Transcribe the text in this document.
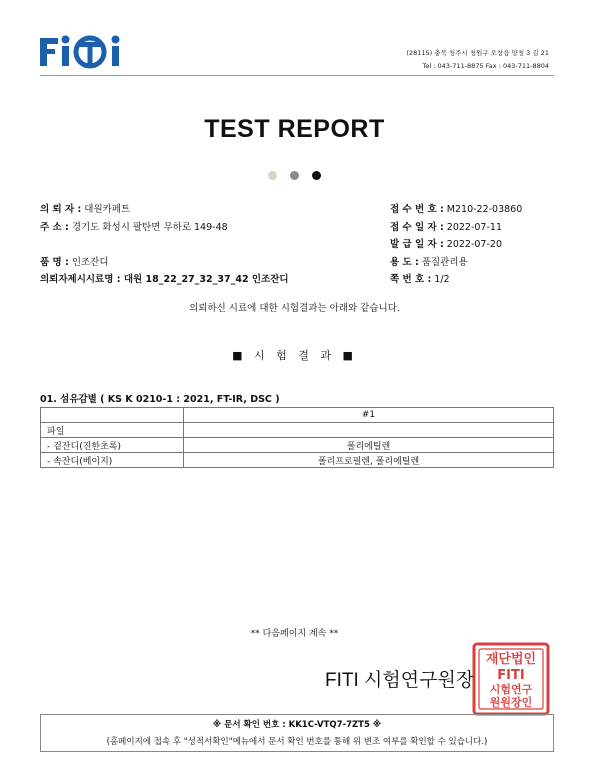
(28115) 충북 청주시 청원구 오창읍 양청 3 길 21
Tel : 043-711-8875 Fax : 043-711-8804
TEST REPORT

의 뢰 자 : 대원카페트
주 소 : 경기도 화성시 팔탄면 무하로 149-48
품 명 : 인조잔디
의뢰자제시시료명 : 대원 18_22_27_32_37_42 인조잔디
접 수 번 호 : M210-22-03860
접 수 일 자 : 2022-07-11
발 급 일 자 : 2022-07-20
용 도 : 품질관리용
쪽 번 호 : 1/2
의뢰하신 시료에 대한 시험결과는 아래와 같습니다.
■ 시 험 결 과 ■
01. 섬유감별 ( KS K 0210-1 : 2021, FT-IR, DSC )
	#1
파일	
- 겉잔디(진한초록)	폴리에틸렌
- 속잔디(베이지)	폴리프로필렌, 폴리에틸렌
** 다음페이지 계속 **
FITI 시험연구원장
재단법인
FITI
시험연구
원원장인
※ 문서 확인 번호 : KK1C-VTQ7-7ZT5 ※
(홈페이지에 접속 후 "성적서확인"메뉴에서 문서 확인 번호를 통해 위 변조 여부를 확인할 수 있습니다.)
